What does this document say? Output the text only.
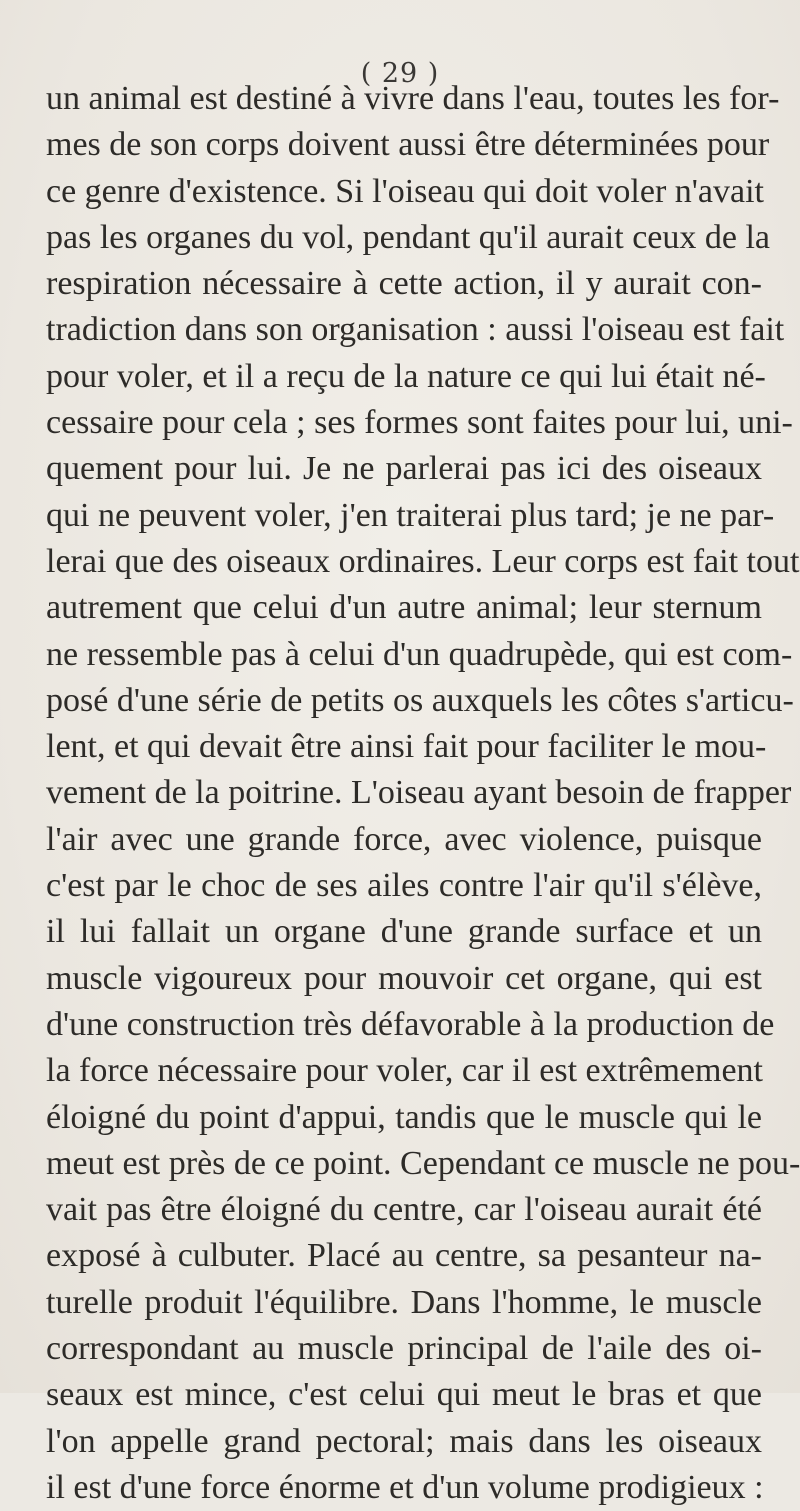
( 29 )
un animal est destiné à vivre dans l'eau, toutes les for-
mes de son corps doivent aussi être déterminées pour
ce genre d'existence. Si l'oiseau qui doit voler n'avait
pas les organes du vol, pendant qu'il aurait ceux de la
respiration nécessaire à cette action, il y aurait con-
tradiction dans son organisation : aussi l'oiseau est fait
pour voler, et il a reçu de la nature ce qui lui était né-
cessaire pour cela ; ses formes sont faites pour lui, uni-
quement pour lui. Je ne parlerai pas ici des oiseaux
qui ne peuvent voler, j'en traiterai plus tard; je ne par-
lerai que des oiseaux ordinaires. Leur corps est fait tout
autrement que celui d'un autre animal; leur sternum
ne ressemble pas à celui d'un quadrupède, qui est com-
posé d'une série de petits os auxquels les côtes s'articu-
lent, et qui devait être ainsi fait pour faciliter le mou-
vement de la poitrine. L'oiseau ayant besoin de frapper
l'air avec une grande force, avec violence, puisque
c'est par le choc de ses ailes contre l'air qu'il s'élève,
il lui fallait un organe d'une grande surface et un
muscle vigoureux pour mouvoir cet organe, qui est
d'une construction très défavorable à la production de
la force nécessaire pour voler, car il est extrêmement
éloigné du point d'appui, tandis que le muscle qui le
meut est près de ce point. Cependant ce muscle ne pou-
vait pas être éloigné du centre, car l'oiseau aurait été
exposé à culbuter. Placé au centre, sa pesanteur na-
turelle produit l'équilibre. Dans l'homme, le muscle
correspondant au muscle principal de l'aile des oi-
seaux est mince, c'est celui qui meut le bras et que
l'on appelle grand pectoral; mais dans les oiseaux
il est d'une force énorme et d'un volume prodigieux :
